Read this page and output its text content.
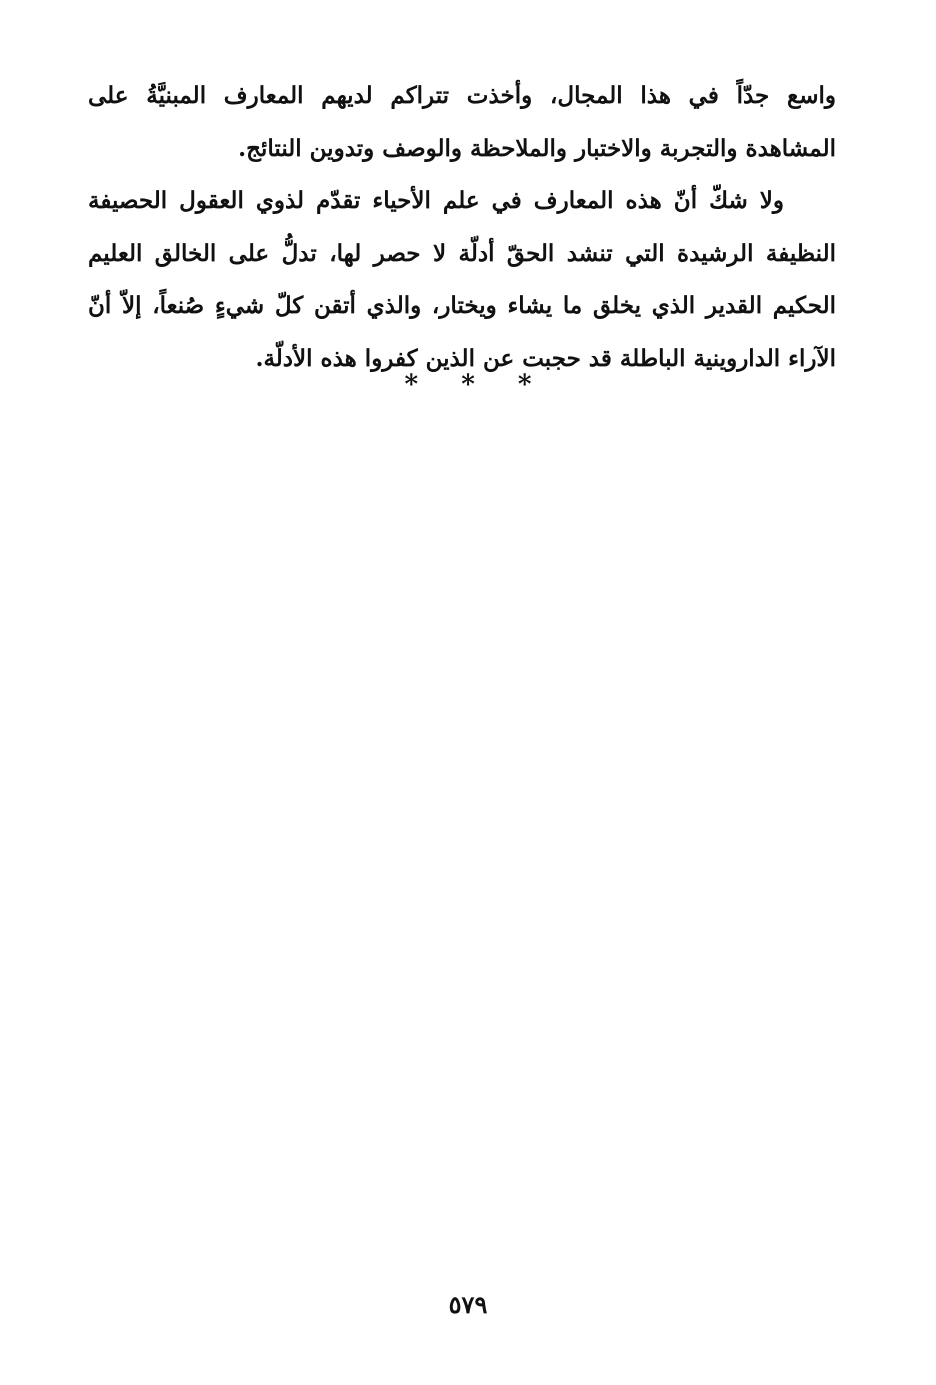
واسع جدّاً في هذا المجال، وأخذت تتراكم لديهم المعارف المبنيَّةُ على المشاهدة والتجربة والاختبار والملاحظة والوصف وتدوين النتائج.

ولا شكّ أنّ هذه المعارف في علم الأحياء تقدّم لذوي العقول الحصيفة النظيفة الرشيدة التي تنشد الحقّ أدلّة لا حصر لها، تدلُّ على الخالق العليم الحكيم القدير الذي يخلق ما يشاء ويختار، والذي أتقن كلّ شيءٍ صُنعاً، إلاّ أنّ الآراء الداروينية الباطلة قد حجبت عن الذين كفروا هذه الأدلّة.

* * *
٥٧٩
